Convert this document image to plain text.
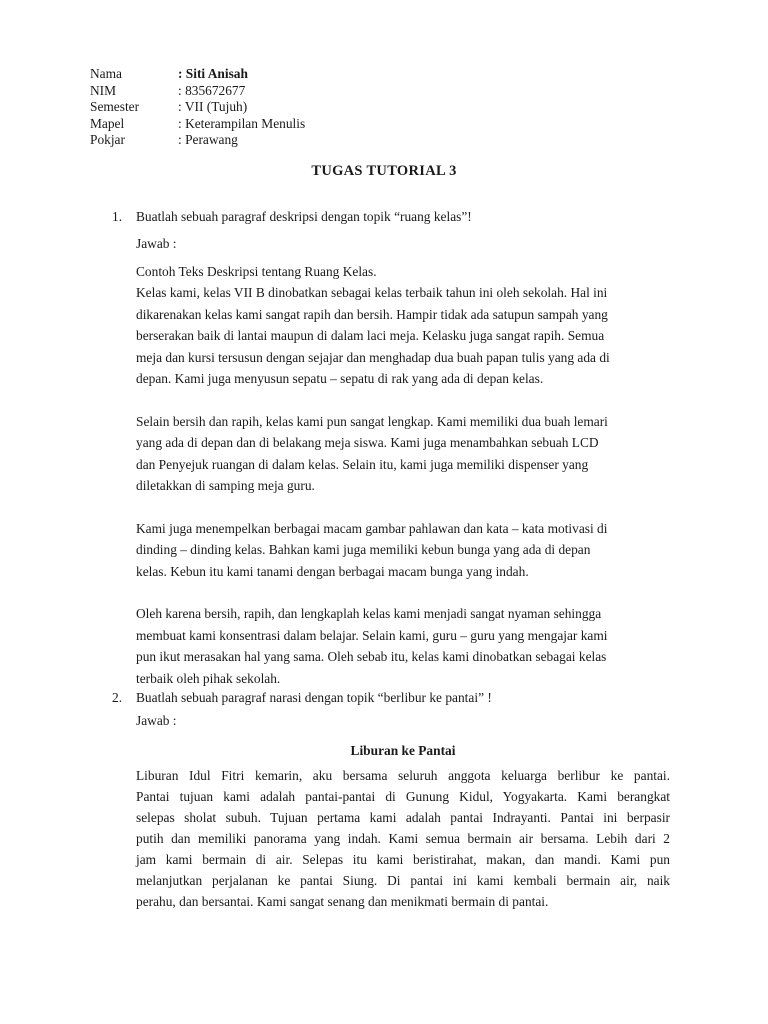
Nama	: Siti Anisah
NIM	: 835672677
Semester	: VII (Tujuh)
Mapel	: Keterampilan Menulis
Pokjar	: Perawang
TUGAS TUTORIAL 3
1. Buatlah sebuah paragraf deskripsi dengan topik “ruang kelas”!
Jawab :

Contoh Teks Deskripsi tentang Ruang Kelas.

Kelas kami, kelas VII B dinobatkan sebagai kelas terbaik tahun ini oleh sekolah. Hal ini

dikarenakan kelas kami sangat rapih dan bersih. Hampir tidak ada satupun sampah yang

berserakan baik di lantai maupun di dalam laci meja. Kelasku juga sangat rapih. Semua

meja dan kursi tersusun dengan sejajar dan menghadap dua buah papan tulis yang ada di

depan. Kami juga menyusun sepatu – sepatu di rak yang ada di depan kelas.

Selain bersih dan rapih, kelas kami pun sangat lengkap. Kami memiliki dua buah lemari

yang ada di depan dan di belakang meja siswa. Kami juga menambahkan sebuah LCD

dan Penyejuk ruangan di dalam kelas. Selain itu, kami juga memiliki dispenser yang

diletakkan di samping meja guru.

Kami juga menempelkan berbagai macam gambar pahlawan dan kata – kata motivasi di

dinding – dinding kelas. Bahkan kami juga memiliki kebun bunga yang ada di depan

kelas. Kebun itu kami tanami dengan berbagai macam bunga yang indah.

Oleh karena bersih, rapih, dan lengkaplah kelas kami menjadi sangat nyaman sehingga

membuat kami konsentrasi dalam belajar. Selain kami, guru – guru yang mengajar kami

pun ikut merasakan hal yang sama. Oleh sebab itu, kelas kami dinobatkan sebagai kelas

terbaik oleh pihak sekolah.

2. Buatlah sebuah paragraf narasi dengan topik “berlibur ke pantai” !
Jawab :
Liburan ke Pantai

Liburan Idul Fitri kemarin, aku bersama seluruh anggota keluarga berlibur ke pantai.

Pantai tujuan kami adalah pantai-pantai di Gunung Kidul, Yogyakarta. Kami berangkat

selepas sholat subuh. Tujuan pertama kami adalah pantai Indrayanti. Pantai ini berpasir

putih dan memiliki panorama yang indah. Kami semua bermain air bersama. Lebih dari 2

jam kami bermain di air. Selepas itu kami beristirahat, makan, dan mandi. Kami pun

melanjutkan perjalanan ke pantai Siung. Di pantai ini kami kembali bermain air, naik

perahu, dan bersantai. Kami sangat senang dan menikmati bermain di pantai.
